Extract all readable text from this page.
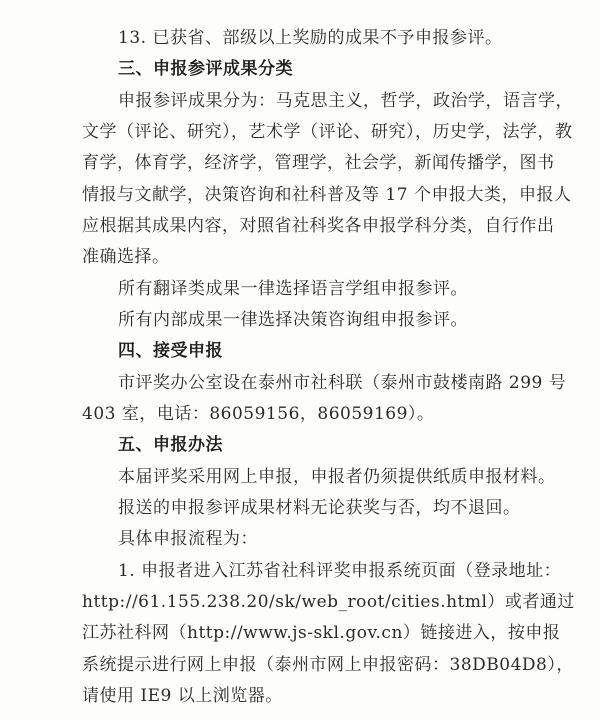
13. 已获省、部级以上奖励的成果不予申报参评。
三、申报参评成果分类
申报参评成果分为：马克思主义，哲学，政治学，语言学，
文学（评论、研究），艺术学（评论、研究），历史学，法学，教
育学，体育学，经济学，管理学，社会学，新闻传播学，图书
情报与文献学，决策咨询和社科普及等 17 个申报大类，申报人
应根据其成果内容，对照省社科奖各申报学科分类，自行作出
准确选择。
所有翻译类成果一律选择语言学组申报参评。
所有内部成果一律选择决策咨询组申报参评。
四、接受申报
市评奖办公室设在泰州市社科联（泰州市鼓楼南路 299 号
403 室，电话：86059156，86059169）。
五、申报办法
本届评奖采用网上申报，申报者仍须提供纸质申报材料。
报送的申报参评成果材料无论获奖与否，均不退回。
具体申报流程为：
1. 申报者进入江苏省社科评奖申报系统页面（登录地址：
http://61.155.238.20/sk/web_root/cities.html）或者通过
江苏社科网（http://www.js-skl.gov.cn）链接进入，按申报
系统提示进行网上申报（泰州市网上申报密码：38DB04D8），
请使用 IE9 以上浏览器。
